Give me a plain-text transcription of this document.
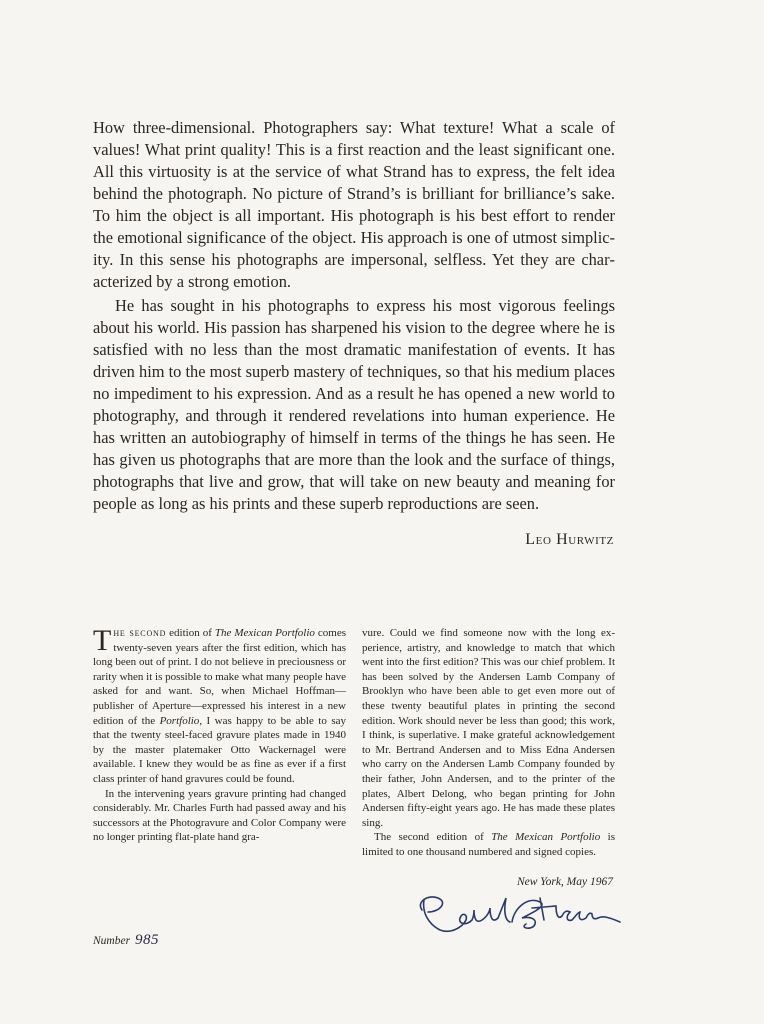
How three-dimensional. Photographers say: What texture! What a scale of values! What print quality! This is a first reaction and the least significant one. All this virtuosity is at the service of what Strand has to express, the felt idea behind the photograph. No picture of Strand’s is brilliant for brilliance’s sake. To him the object is all important. His photograph is his best effort to render the emotional significance of the object. His approach is one of utmost simplicity. In this sense his photographs are impersonal, selfless. Yet they are characterized by a strong emotion.

He has sought in his photographs to express his most vigorous feelings about his world. His passion has sharpened his vision to the degree where he is satisfied with no less than the most dramatic manifestation of events. It has driven him to the most superb mastery of techniques, so that his medium places no impediment to his expression. And as a result he has opened a new world to photography, and through it rendered revelations into human experience. He has written an autobiography of himself in terms of the things he has seen. He has given us photographs that are more than the look and the surface of things, photographs that live and grow, that will take on new beauty and meaning for people as long as his prints and these superb reproductions are seen.

Leo Hurwitz

The second edition of The Mexican Portfolio comes twenty-seven years after the first edition, which has long been out of print. I do not believe in preciousness or rarity when it is possible to make what many people have asked for and want. So, when Michael Hoffman—publisher of Aperture—expressed his interest in a new edition of the Portfolio, I was happy to be able to say that the twenty steel-faced gravure plates made in 1940 by the master platemaker Otto Wackernagel were available. I knew they would be as fine as ever if a first class printer of hand gravures could be found.

In the intervening years gravure printing had changed considerably. Mr. Charles Furth had passed away and his successors at the Photogravure and Color Company were no longer printing flat-plate hand gra-

vure. Could we find someone now with the long experience, artistry, and knowledge to match that which went into the first edition? This was our chief problem. It has been solved by the Andersen Lamb Company of Brooklyn who have been able to get even more out of these twenty beautiful plates in printing the second edition. Work should never be less than good; this work, I think, is superlative. I make grateful acknowledgement to Mr. Bertrand Andersen and to Miss Edna Andersen who carry on the Andersen Lamb Company founded by their father, John Andersen, and to the printer of the plates, Albert Delong, who began printing for John Andersen fifty-eight years ago. He has made these plates sing.

The second edition of The Mexican Portfolio is limited to one thousand numbered and signed copies.

New York, May 1967
Number 985
